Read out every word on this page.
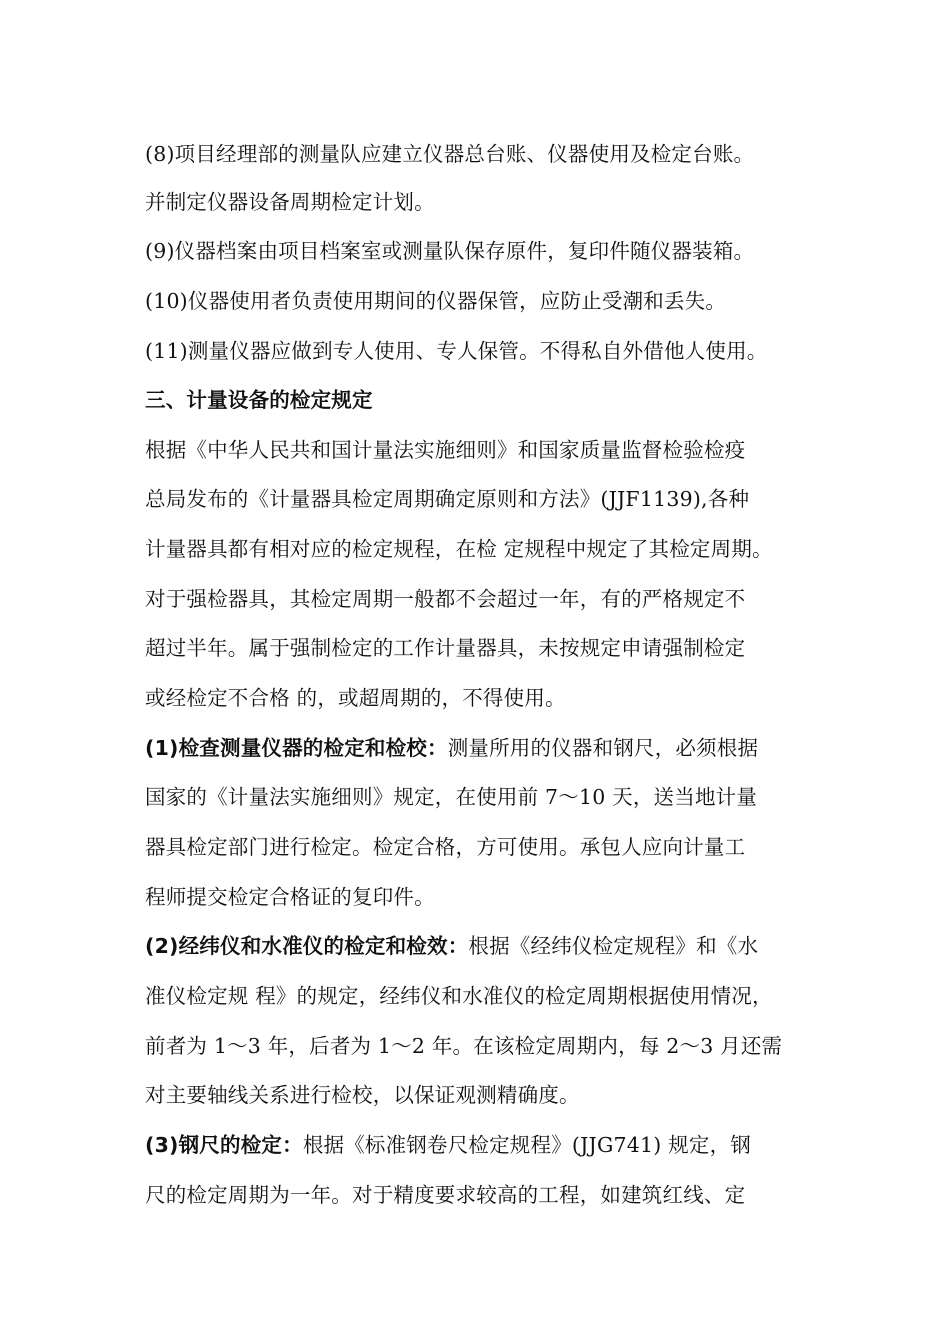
(8)项目经理部的测量队应建立仪器总台账、仪器使用及检定台账。
并制定仪器设备周期检定计划。
(9)仪器档案由项目档案室或测量队保存原件，复印件随仪器装箱。
(10)仪器使用者负责使用期间的仪器保管，应防止受潮和丢失。
(11)测量仪器应做到专人使用、专人保管。不得私自外借他人使用。
三、计量设备的检定规定
根据《中华人民共和国计量法实施细则》和国家质量监督检验检疫
总局发布的《计量器具检定周期确定原则和方法》(JJF1139),各种
计量器具都有相对应的检定规程，在检 定规程中规定了其检定周期。
对于强检器具，其检定周期一般都不会超过一年，有的严格规定不
超过半年。属于强制检定的工作计量器具，未按规定申请强制检定
或经检定不合格 的，或超周期的，不得使用。
(1)检查测量仪器的检定和检校：测量所用的仪器和钢尺，必须根据
国家的《计量法实施细则》规定，在使用前 7～10 天，送当地计量
器具检定部门进行检定。检定合格，方可使用。承包人应向计量工
程师提交检定合格证的复印件。
(2)经纬仪和水准仪的检定和检效：根据《经纬仪检定规程》和《水
准仪检定规 程》的规定，经纬仪和水准仪的检定周期根据使用情况，
前者为 1～3 年，后者为 1～2 年。在该检定周期内，每 2～3 月还需
对主要轴线关系进行检校，以保证观测精确度。
(3)钢尺的检定：根据《标准钢卷尺检定规程》(JJG741) 规定，钢
尺的检定周期为一年。对于精度要求较高的工程，如建筑红线、定
